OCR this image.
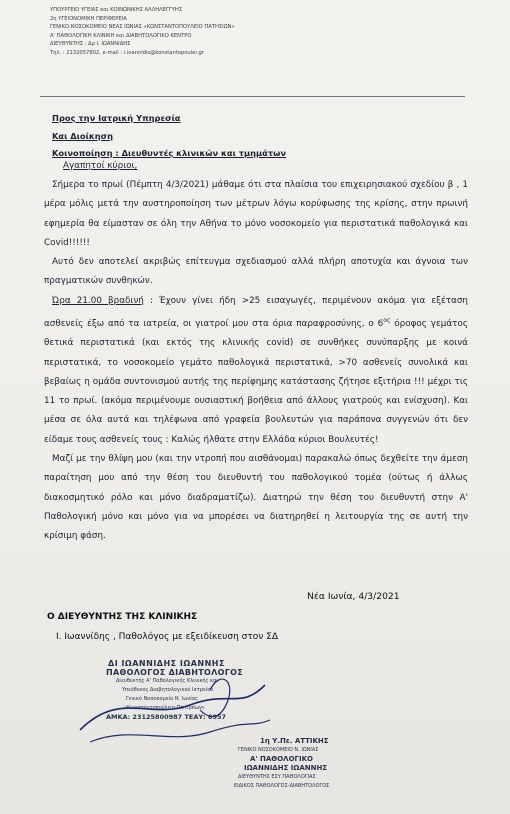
ΥΠΟΥΡΓΕΙΟ ΥΓΕΙΑΣ και ΚΟΙΝΩΝΙΚΗΣ ΑΛΛΗΛΕΓΓΥΗΣ
2η ΥΓΕΙΟΝΟΜΙΚΗ ΠΕΡΙΦΕΡΕΙΑ
ΓΕΝΙΚΟ ΝΟΣΟΚΟΜΕΙΟ ΝΕΑΣ ΙΩΝΙΑΣ «ΚΩΝΣΤΑΝΤΟΠΟΥΛΕΙΟ ΠΑΤΗΣΙΩΝ»
Α' ΠΑΘΟΛΟΓΙΚΗ ΚΛΙΝΙΚΗ και ΔΙΑΒΗΤΟΛΟΓΙΚΟ ΚΕΝΤΡΟ
ΔΙΕΥΘΥΝΤΗΣ : Δρ Ι. ΙΩΑΝΝΙΔΗΣ
Τηλ. : 2132057802, e-mail : i.ioannidis@konstantopoulei.gr
Προς την Ιατρική Υπηρεσία
Και Διοίκηση
Κοινοποίηση : Διευθυντές κλινικών και τμημάτων
Αγαπητοί κύριοι,

Σήμερα το πρωί (Πέμπτη 4/3/2021) μάθαμε ότι στα πλαίσια του επιχειρησιακού σχεδίου β , 1 μέρα μόλις μετά την αυστηροποίηση των μέτρων λόγω κορύφωσης της κρίσης, στην πρωινή εφημερία θα είμασταν σε όλη την Αθήνα το μόνο νοσοκομείο για περιστατικά παθολογικά και Covid!!!!!!

Αυτό δεν αποτελεί ακριβώς επίτευγμα σχεδιασμού αλλά πλήρη αποτυχία και άγνοια των πραγματικών συνθηκών.

Ώρα 21.00 βραδινή : Έχουν γίνει ήδη >25 εισαγωγές, περιμένουν ακόμα για εξέταση ασθενείς έξω από τα ιατρεία, οι γιατροί μου στα όρια παραφροσύνης, ο $6^{o\varsigma}$ όροφος γεμάτος θετικά περιστατικά (και εκτός της κλινικής covid) σε συνθήκες συνύπαρξης με κοινά περιστατικά, το νοσοκομείο γεμάτο παθολογικά περιστατικά, >70 ασθενείς συνολικά και βεβαίως η ομάδα συντονισμού αυτής της περίφημης κατάστασης ζήτησε εξιτήρια !!! μέχρι τις 11 το πρωί. (ακόμα περιμένουμε ουσιαστική βοήθεια από άλλους γιατρούς και ενίσχυση). Και μέσα σε όλα αυτά και τηλέφωνα από γραφεία βουλευτών για παράπονα συγγενών ότι δεν είδαμε τους ασθενείς τους : Καλώς ήλθατε στην Ελλάδα κύριοι Βουλευτές!

Μαζί με την θλίψη μου (και την ντροπή που αισθάνομαι) παρακαλώ όπως δεχθείτε την άμεση παραίτηση μου από την θέση του διευθυντή του παθολογικού τομέα (ούτως ή άλλως διακοσμητικό ρόλο και μόνο διαδραματίζω). Διατηρώ την θέση του διευθυντή στην Α' Παθολογική μόνο και μόνο για να μπορέσει να διατηρηθεί η λειτουργία της σε αυτή την κρίσιμη φάση.

Νέα Ιωνία, 4/3/2021
Ο ΔΙΕΥΘΥΝΤΗΣ ΤΗΣ ΚΛΙΝΙΚΗΣ
Ι. Ιωαννίδης , Παθολόγος με εξειδίκευση στον ΣΔ
ΔΙ ΙΩΑΝΝΙΔΗΣ ΙΩΑΝΝΗΣ
ΠΑΘΟΛΟΓΟΣ ΔΙΑΒΗΤΟΛΟΓΟΣ
Διευθυντής Α' Παθολογικής Κλινικής και
Υπεύθυνος Διαβητολογικού Ιατρείου
Γενικό Νοσοκομείο Ν. Ιωνίας
«Κωνσταντοπούλειο-Πατησίων»
ΑΜΚΑ: 23125800987 ΤΕΑΥ: 6957
1η Υ.Πε. ΑΤΤΙΚΗΣ
ΓΕΝΙΚΟ ΝΟΣΟΚΟΜΕΙΟ Ν. ΙΩΝΙΑΣ
Α' ΠΑΘΟΛΟΓΙΚΟ
ΙΩΑΝΝΙΔΗΣ ΙΩΑΝΝΗΣ
ΔΙΕΥΘΥΝΤΗΣ ΕΣΥ ΠΑΘΟΛΟΓΙΑΣ
ΕΙΔΙΚΟΣ ΠΑΘΟΛΟΓΟΣ-ΔΙΑΒΗΤΟΛΟΓΟΣ
